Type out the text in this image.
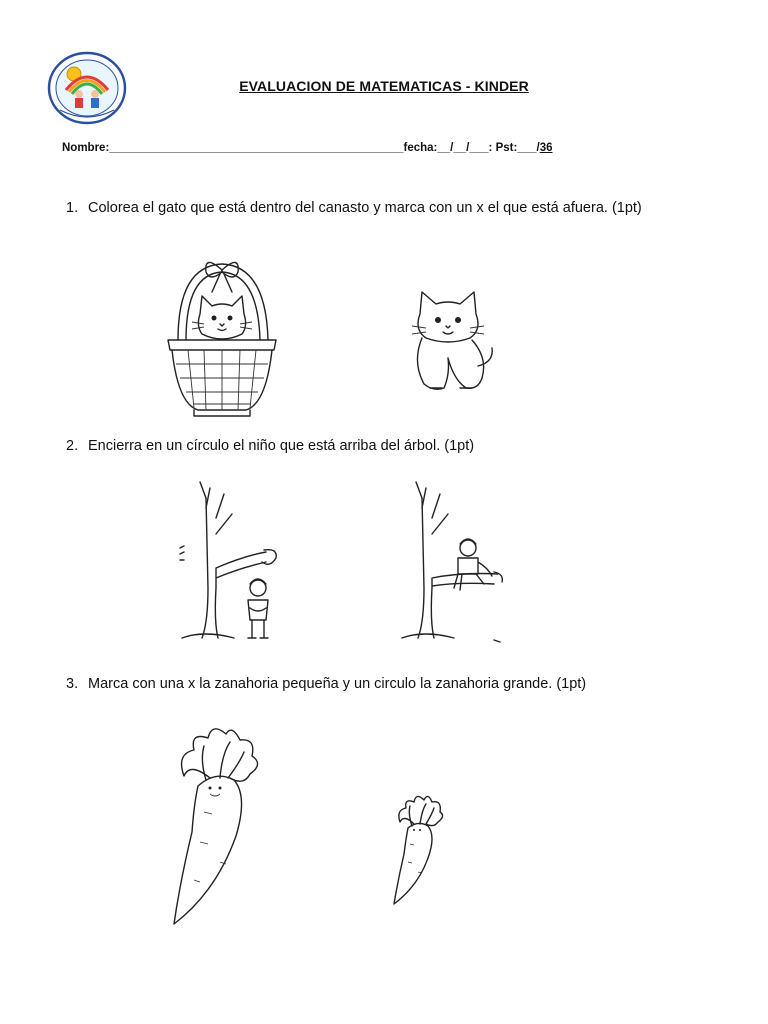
EVALUACION DE MATEMATICAS - KINDER
Nombre:______________________________________________fecha:__/__/___: Pst:___/36
1. Colorea el gato que está dentro del canasto y marca con un x el que está afuera. (1pt)
2. Encierra en un círculo el niño que está arriba del árbol. (1pt)
3. Marca con una x la zanahoria pequeña y un circulo la zanahoria grande. (1pt)
